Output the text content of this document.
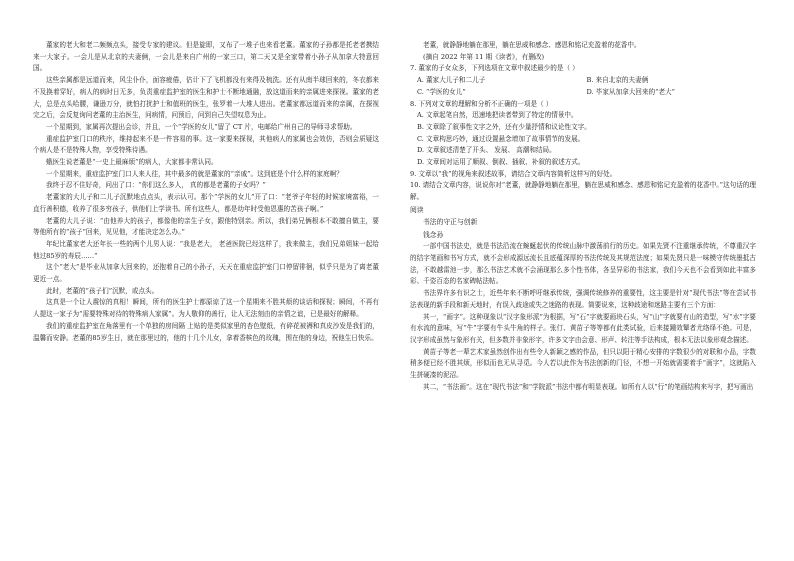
董家的老大和老二频频点头，接受专家的建议。但是旋即，又布了一堆子也来看老董。董家的子孙都是托老者携结来一大家子。一会儿是从北京的夫妻俩，一会儿是来自广州的一家三口，第二天又是全家带着小孙子从加拿大特意回国。

这些亲属都是远道而来，风尘仆仆，面容疲倦，估计下了飞机都没有来得及梳洗。还有从南半球回来的，冬衣都来不及换着穿好，病人的病时日无多，负责重症监护室的医生和护士不断地通融，放这道而来的亲属进来探视。董家的老大，总是点头哈腰，谦逊万分，就怕打扰护士和值班的医生，张罗着一大堆人进出。老董家都远道而来的亲属，在探视完之后，会反复询问老董的主治医生，问病情，问预后，问到自己失望叹息为止。

一个星期到，家属再次提出会诊，并且，一个“学医的女儿”留了 CT 片，电邮给广州自己的导师寻求帮助。

重症监护室门口的秩序，维持起来不是一件容易的事。这一家要来探视，其他病人的家属也会效仿，否则会质疑这个病人是不是特殊人物，享受特殊待遇。

蛾医生说老董是“一史上最麻烦”的病人，大家都非常认同。

一个星期来，重症监护室门口人来人往，其中最多的就是董家的“亲戚”。这到底是个什么样的家庭啊？

我终于忍不住好奇，问出了口：“你们这么多人， 真的都是老董的子女吗？”

老董家的大儿子和二儿子沉默地点点头，表示认可。那个“学医的女儿”开了口：“老爷子年轻的时候家境富裕，一直行善积德，收养了很多穷孩子，供他们上学读书。所有这些人，都是幼年时受他恩惠的苦孩子啊。”

老董的大儿子说：“由他养大的孩子，都像他的亲生子女，跟他特别亲。所以，我们弟兄俩根本不敢擅自做主，要等他所有的“孩子”回来，见见他，才能决定怎么办。”

年纪比董家老大还年长一些的两个儿男人说：“我是老大， 老爸医院已经这样了，我来做主，我们兄弟姐妹一起给他过85岁的寿辰……”

这个“老大”是毕业从加拿大回来的，还抱着自己的小孙子，天天在重症监护室门口停留徘徊，似乎只是为了离老董更近一点。

此时，老董的“孩子们”沉默，或点头。

这真是一个让人震惊的真相！瞬间，所有的医生护士都原谅了这一个星期来不胜其烦的谈话和探视；瞬间，不再有人提这一家子为“需要特殊对待的特殊病人家属”。为人敬仰的善行，让人无法刻由的亲情之谊，已是最好的解释。

我们的重症监护室在角落里有一个单独的房间隔 上贴的是类似家里的杏色壁纸，有碎花被褥和真皮沙发是我们的，温馨而安静。老董的85岁生日，就在那里过的，他的十几个儿女，拿着香槟色的玫瑰，围在他的身边，祝他生日快乐。

老董，就静静地躺在那里，躺在思威和感念、感恩和铭记充盈着的花香中。

(摘自 2022 年第 11 期《读者》，有删改)

7. 董家的子女众多，下列选项在文章中叙述最少的是（ ）

A. 董家大儿子和二儿子	B. 来自北京的夫妻俩
C. “学医的女儿”	D. 毕家从加拿大回来的“老大”

8. 下列对文章的理解和分析不正确的一项是（ ）

A. 文章起笔自然，迅速地把读者带到了特定的情景中。

B. 文章除了叙事性文字之外，还有少量抒情和议论性文字。

C. 文章构思巧妙，通过设置悬念增加了故事情节的发展。

D. 文章叙述清楚了开头、 发展、 高潮和结局。

D. 文章间对运用了顺叙、倒叙、插叙、补叙的叙述方式。

9. 文章以“我”的视角来叙述故事，请结合文章内容简析这样写的好处。

10. 请结合文章内容，说说你对“老董，就静静地躺在那里，躺在思威和感念、感恩和铭记充盈着的花香中。”这句话的理解。

阅读

书法的守正与创新

钱念孙

一部中国书法史，就是书法沿流在蜿蜒起伏的传统山脉中激荡前行的历史。如果先贤不注重继承传统，不尊重汉字的结字笔画和书写方式，就不会形成源远流长且底蕴深厚的书法传统及其规范法度；如果先贤只是一味模守传统墨抵古法，不敢越雷池一步，那么书法艺术就不会涌现那么多个性书体，各呈异彩的书法家，我们今天也不会看到如此丰富多彩、千姿百态的名家碑帖法帖。

书法界许多有识之士，近些年来不断呼吁继承传统，强调传统修养的重要性，这主要是针对“现代书法”等在尝试书法表现的新手段和新天地时，有误入歧途或失之迷路的表现。简要说来，这种歧途和迷路主要有三个方面：

其一，“画字”。这种现象以“汉字象形派”为根据，写“石”字就要画块石头，写“山”字就要有山的造型，写“水”字要有水流的意味，写“牛”字要有牛头牛角的样子。张仃、黄苗子等等都有此类试验，后来接踵效颦者尤络绎不绝。可是，汉字形成虽然与象形有关，但多数并非象形字，许多文字由会意、形声、转注等手法构成，根本无法以象形观念描述。

黄苗子等老一辈艺术家虽然创作出有些令人新颖之感的作品，但只以阳于精心安排的字数很少的对联和小品，字数稍多便已经不胜其烦，形似而也无从寻觅。今人若以此作为书法创新的门径，不想一开始就需要着手“画字”，这就陷入生拼硬凑的泥沼。

其二，“书法画”。这在“现代书法”和“学院派”书法中都有明显表现。如所有人以“行”的笔画结构来写字，把写画出
